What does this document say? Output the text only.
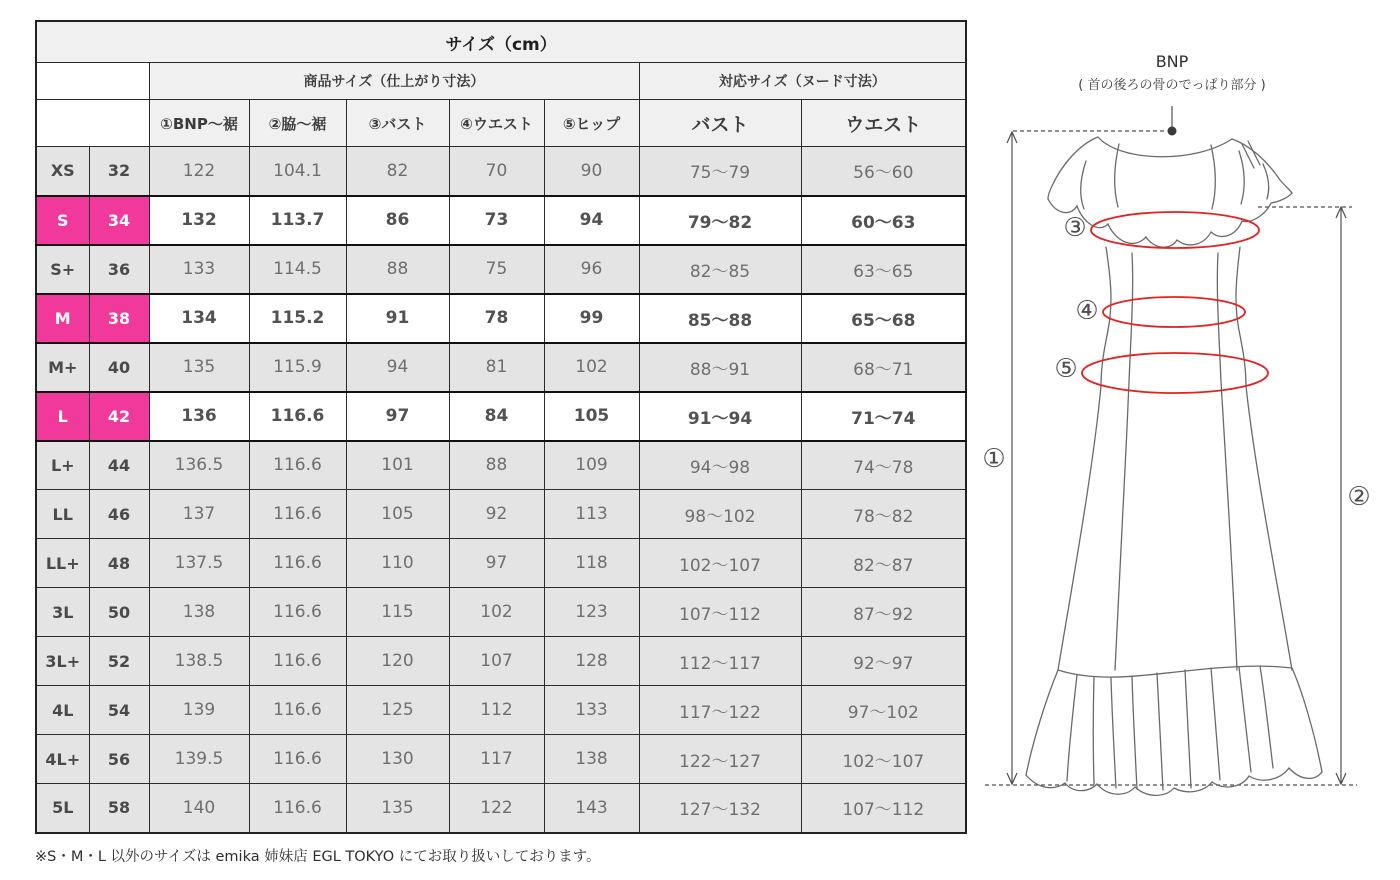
サイズ（cm）								
		商品サイズ（仕上がり寸法）					対応サイズ（ヌード寸法）	
		①BNP～裾	②脇～裾	③バスト	④ウエスト	⑤ヒップ	バスト	ウエスト
XS	32	122	104.1	82	70	90	75～79	56～60
S	34	132	113.7	86	73	94	79～82	60～63
S+	36	133	114.5	88	75	96	82～85	63～65
M	38	134	115.2	91	78	99	85～88	65～68
M+	40	135	115.9	94	81	102	88～91	68～71
L	42	136	116.6	97	84	105	91～94	71～74
L+	44	136.5	116.6	101	88	109	94～98	74～78
LL	46	137	116.6	105	92	113	98～102	78～82
LL+	48	137.5	116.6	110	97	118	102～107	82～87
3L	50	138	116.6	115	102	123	107～112	87～92
3L+	52	138.5	116.6	120	107	128	112～117	92～97
4L	54	139	116.6	125	112	133	117～122	97～102
4L+	56	139.5	116.6	130	117	138	122～127	102～107
5L	58	140	116.6	135	122	143	127～132	107～112
※S・M・L 以外のサイズは emika 姉妹店 EGL TOKYO にてお取り扱いしております。
BNP
( 首の後ろの骨のでっぱり部分 )
①
②
③
④
⑤
